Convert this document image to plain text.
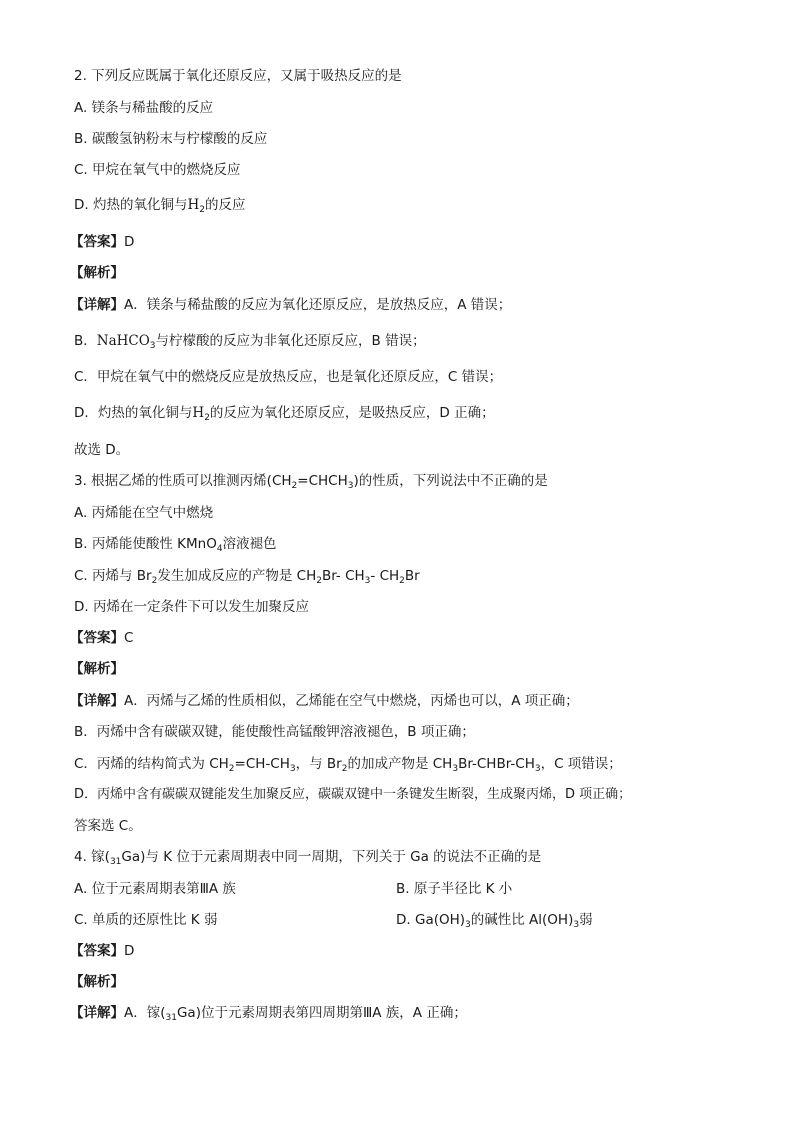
2. 下列反应既属于氧化还原反应，又属于吸热反应的是
A. 镁条与稀盐酸的反应
B. 碳酸氢钠粉末与柠檬酸的反应
C. 甲烷在氧气中的燃烧反应
D. 灼热的氧化铜与$H_2$的反应
【答案】D
【解析】
【详解】A．镁条与稀盐酸的反应为氧化还原反应，是放热反应，A 错误；
B．NaHCO$_3$与柠檬酸的反应为非氧化还原反应，B 错误；
C．甲烷在氧气中的燃烧反应是放热反应，也是氧化还原反应，C 错误；
D．灼热的氧化铜与$H_2$的反应为氧化还原反应，是吸热反应，D 正确；
故选 D。
3. 根据乙烯的性质可以推测丙烯$(CH_2=CHCH_3)$的性质，下列说法中不正确的是
A. 丙烯能在空气中燃烧
B. 丙烯能使酸性 KMnO$_4$溶液褪色
C. 丙烯与 $Br_2$发生加成反应的产物是 $CH_2Br-$ $CH_3-$ $CH_2Br$
D. 丙烯在一定条件下可以发生加聚反应
【答案】C
【解析】
【详解】A．丙烯与乙烯的性质相似，乙烯能在空气中燃烧，丙烯也可以，A 项正确；
B．丙烯中含有碳碳双键，能使酸性高锰酸钾溶液褪色，B 项正确；
C．丙烯的结构简式为 $CH_2=CH-CH_3$，与 $Br_2$的加成产物是 $CH_3Br-CHBr-CH_3$，C 项错误；
D．丙烯中含有碳碳双键能发生加聚反应，碳碳双键中一条键发生断裂，生成聚丙烯，D 项正确；
答案选 C。
4. 镓$(_{31}Ga)$与 K 位于元素周期表中同一周期，下列关于 Ga 的说法不正确的是
A. 位于元素周期表第ⅢA 族	B. 原子半径比 K 小
C. 单质的还原性比 K 弱	D. $Ga(OH)_3$的碱性比 $Al(OH)_3$弱
【答案】D
【解析】
【详解】A．镓$(_{31}Ga)$位于元素周期表第四周期第ⅢA 族，A 正确；
